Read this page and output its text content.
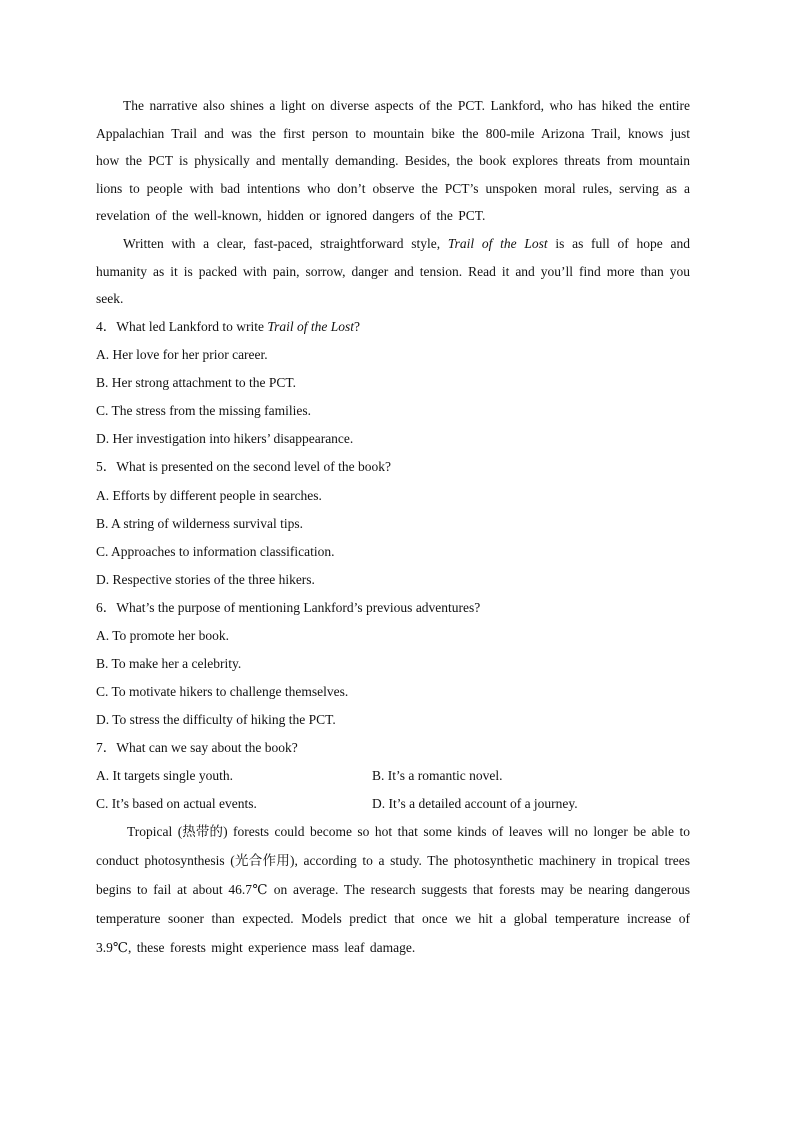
The narrative also shines a light on diverse aspects of the PCT. Lankford, who has hiked the entire Appalachian Trail and was the first person to mountain bike the 800-mile Arizona Trail, knows just how the PCT is physically and mentally demanding. Besides, the book explores threats from mountain lions to people with bad intentions who don’t observe the PCT’s unspoken moral rules, serving as a revelation of the well-known, hidden or ignored dangers of the PCT.

Written with a clear, fast-paced, straightforward style, Trail of the Lost is as full of hope and humanity as it is packed with pain, sorrow, danger and tension. Read it and you’ll find more than you seek.

4．What led Lankford to write Trail of the Lost?

A. Her love for her prior career.

B. Her strong attachment to the PCT.

C. The stress from the missing families.

D. Her investigation into hikers’ disappearance.

5．What is presented on the second level of the book?

A. Efforts by different people in searches.

B. A string of wilderness survival tips.

C. Approaches to information classification.

D. Respective stories of the three hikers.

6．What’s the purpose of mentioning Lankford’s previous adventures?

A. To promote her book.

B. To make her a celebrity.

C. To motivate hikers to challenge themselves.

D. To stress the difficulty of hiking the PCT.

7．What can we say about the book?

A. It targets single youth.	B. It’s a romantic novel.
C. It’s based on actual events.	D. It’s a detailed account of a journey.

Tropical (热带的) forests could become so hot that some kinds of leaves will no longer be able to conduct photosynthesis (光合作用), according to a study. The photosynthetic machinery in tropical trees begins to fail at about 46.7℃ on average. The research suggests that forests may be nearing dangerous temperature sooner than expected. Models predict that once we hit a global temperature increase of 3.9℃, these forests might experience mass leaf damage.
